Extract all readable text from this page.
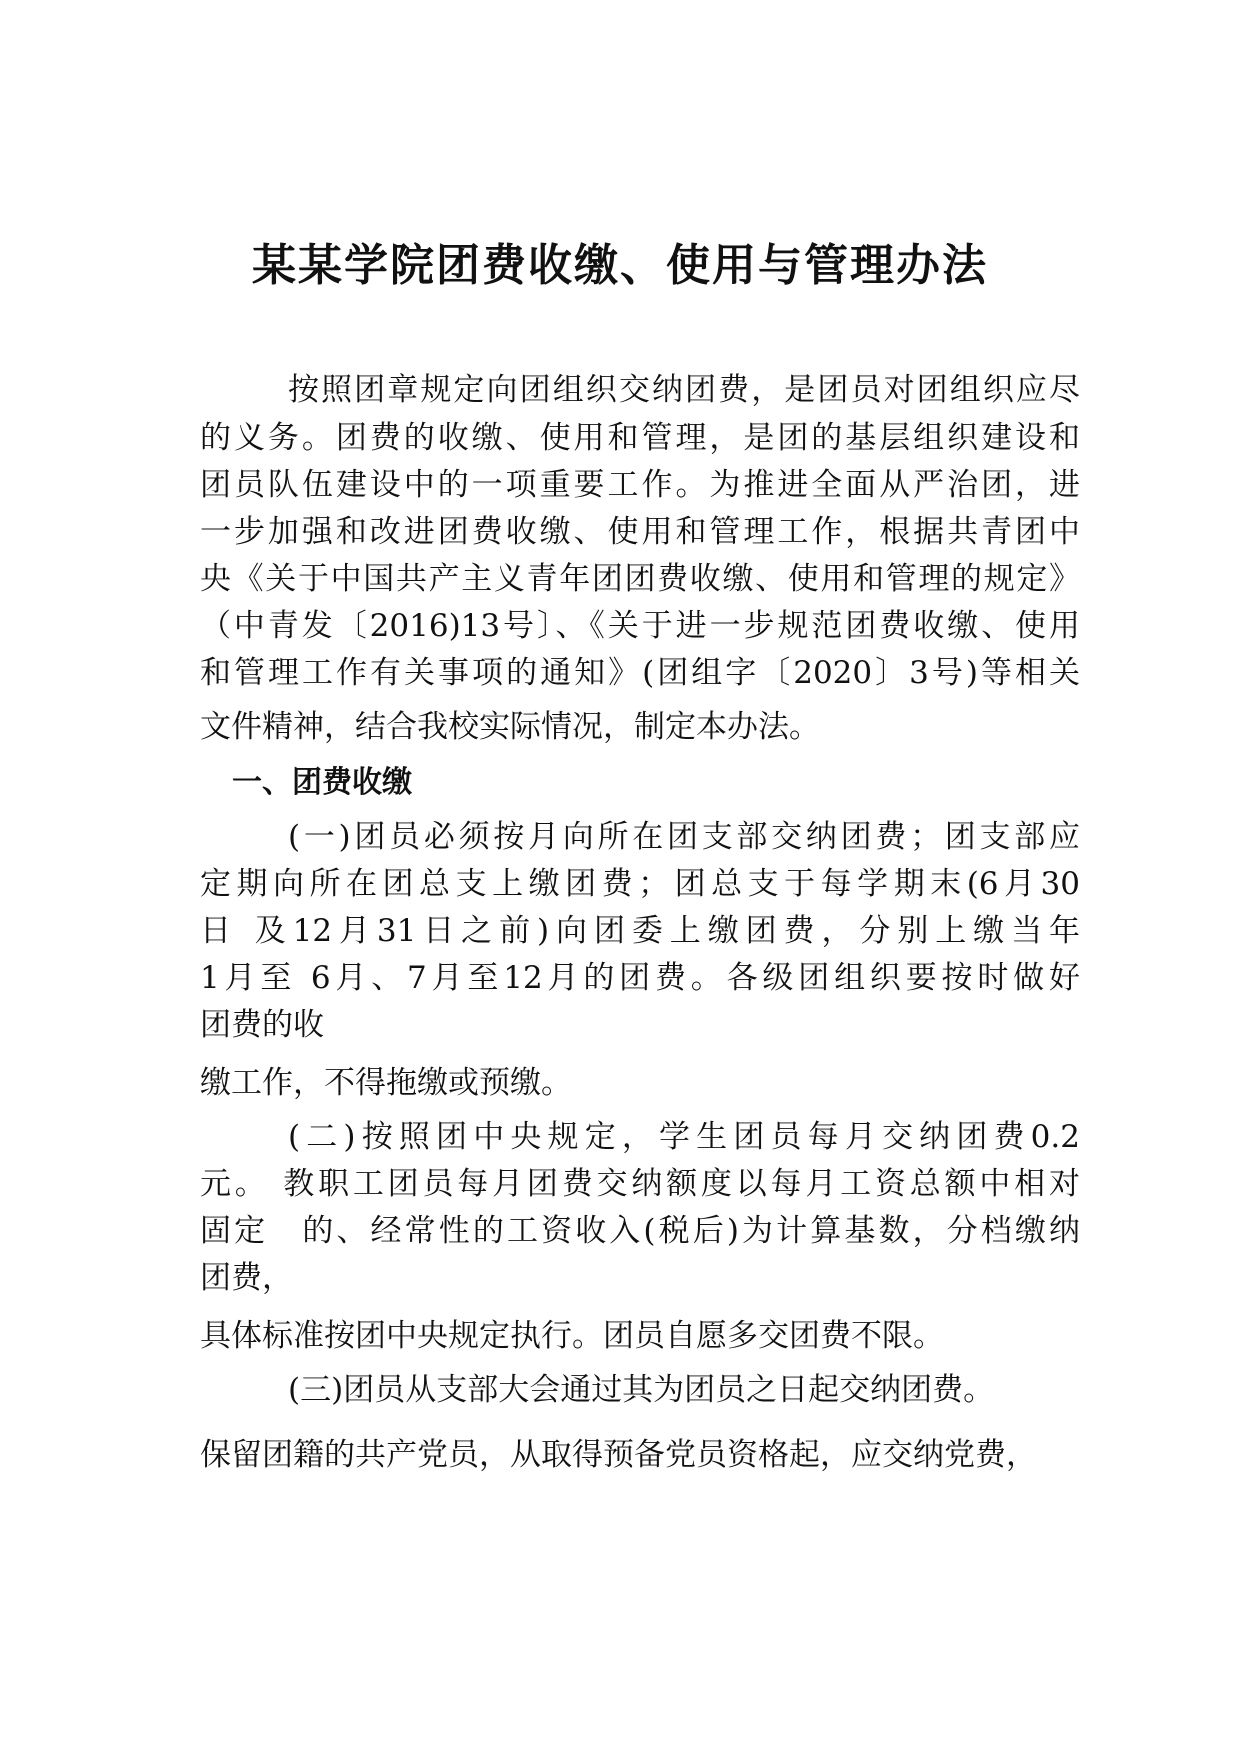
某某学院团费收缴、使用与管理办法
按照团章规定向团组织交纳团费，是团员对团组织应尽
的义务。团费的收缴、使用和管理，是团的基层组织建设和
团员队伍建设中的一项重要工作。为推进全面从严治团，进
一步加强和改进团费收缴、使用和管理工作，根据共青团中
央《关于中国共产主义青年团团费收缴、使用和管理的规定》
（中青发〔2016)13号〕、《关于进一步规范团费收缴、使用
和管理工作有关事项的通知》(团组字〔2020〕3号)等相关
文件精神，结合我校实际情况，制定本办法。
一、团费收缴
(一)团员必须按月向所在团支部交纳团费；团支部应
定期向所在团总支上缴团费；团总支于每学期末(6月30
日 及12月31日之前)向团委上缴团费，分别上缴当年
1月至 6月、7月至12月的团费。各级团组织要按时做好
团费的收
缴工作，不得拖缴或预缴。
(二)按照团中央规定，学生团员每月交纳团费0.2
元。 教职工团员每月团费交纳额度以每月工资总额中相对
固定　的、经常性的工资收入(税后)为计算基数，分档缴纳
团费，
具体标准按团中央规定执行。团员自愿多交团费不限。
(三)团员从支部大会通过其为团员之日起交纳团费。
保留团籍的共产党员，从取得预备党员资格起，应交纳党费，
